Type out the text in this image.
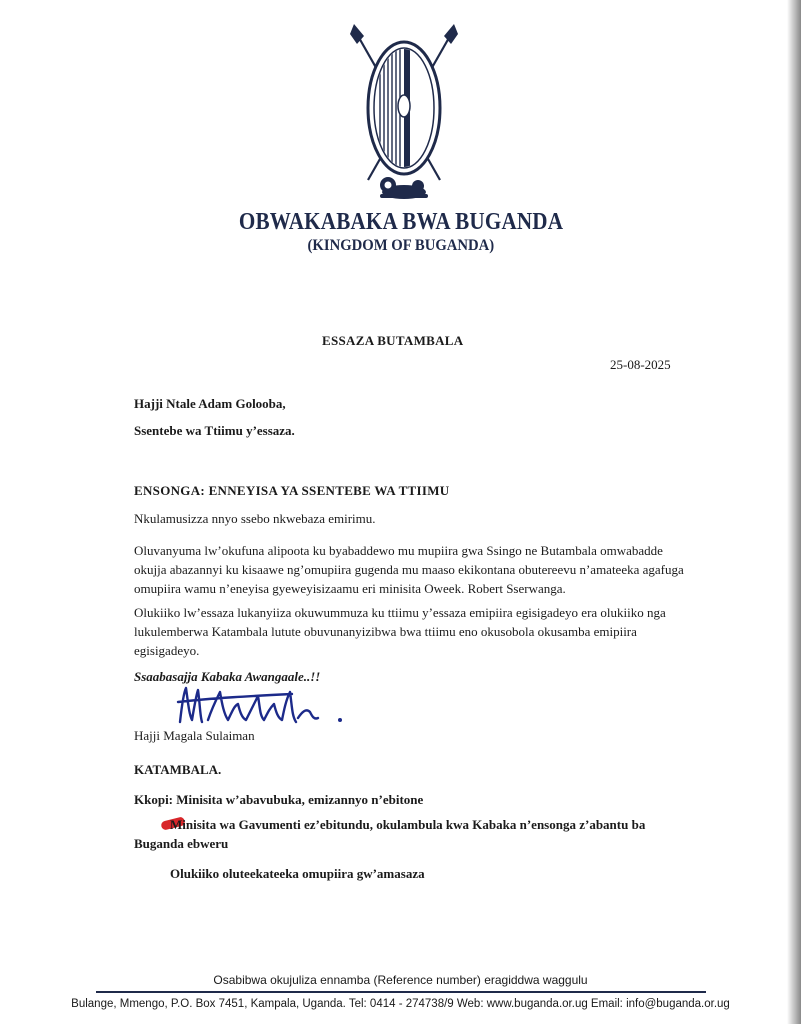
OBWAKABAKA BWA BUGANDA
(KINGDOM OF BUGANDA)
ESSAZA BUTAMBALA
25-08-2025
Hajji Ntale Adam Golooba,
Ssentebe wa Ttiimu y’essaza.
ENSONGA: ENNEYISA YA SSENTEBE WA TTIIMU
Nkulamusizza nnyo ssebo nkwebaza emirimu.
Oluvanyuma lw’okufuna alipoota ku byabaddewo mu mupiira gwa Ssingo ne Butambala omwabadde
okujja abazannyi ku kisaawe ng’omupiira gugenda mu maaso ekikontana obutereevu n’amateeka agafuga
omupiira wamu n’eneyisa gyeweyisizaamu eri minisita Oweek. Robert Sserwanga.
Olukiiko lw’essaza lukanyiiza okuwummuza ku ttiimu y’essaza emipiira egisigadeyo era olukiiko nga
lukulemberwa Katambala lutute obuvunanyizibwa bwa ttiimu eno okusobola okusamba emipiira
egisigadeyo.
Ssaabasajja Kabaka Awangaale..!!
Hajji Magala Sulaiman
KATAMBALA.
Kkopi: Minisita w’abavubuka, emizannyo n’ebitone
Minisita wa Gavumenti ez’ebitundu, okulambula kwa Kabaka n’ensonga z’abantu ba
Buganda ebweru
Olukiiko oluteekateeka omupiira gw’amasaza
Osabibwa okujuliza ennamba (Reference number) eragiddwa waggulu
Bulange, Mmengo, P.O. Box 7451, Kampala, Uganda. Tel: 0414 - 274738/9 Web: www.buganda.or.ug Email: info@buganda.or.ug
